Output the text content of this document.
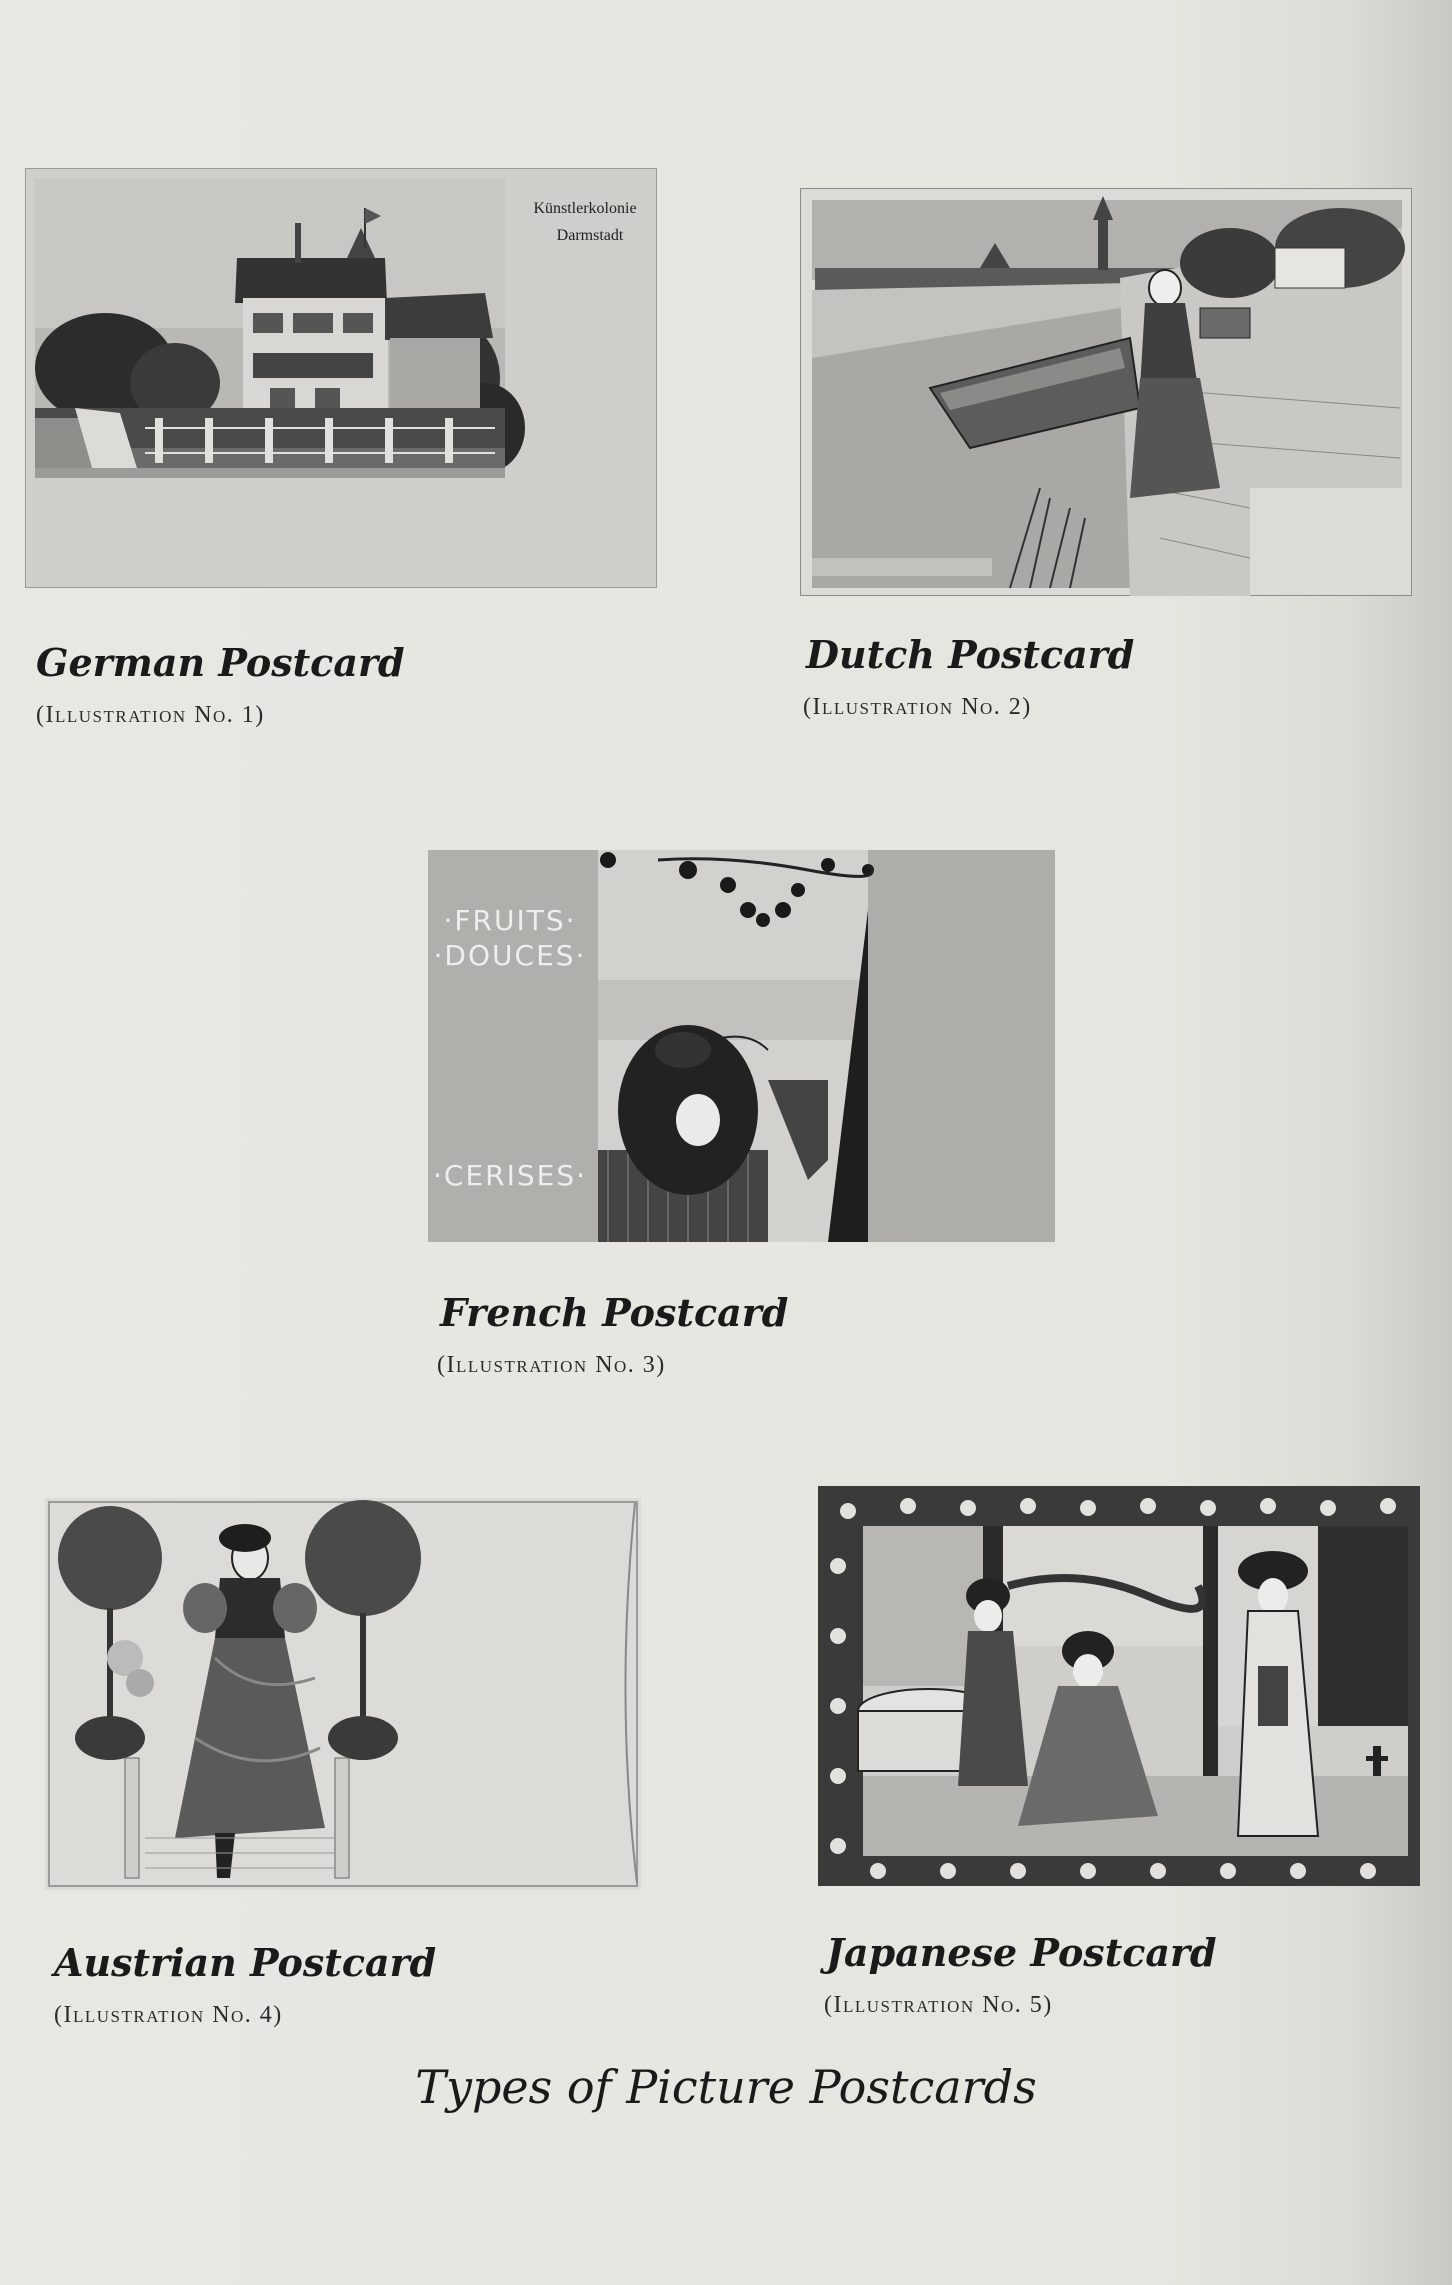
Künstlerkolonie
Darmstadt
German Postcard
(Illustration No. 1)
Dutch Postcard
(Illustration No. 2)
·FRUITS·
·DOUCES·
·CERISES·
French Postcard
(Illustration No. 3)
Austrian Postcard
(Illustration No. 4)
Japanese Postcard
(Illustration No. 5)
Types of Picture Postcards
